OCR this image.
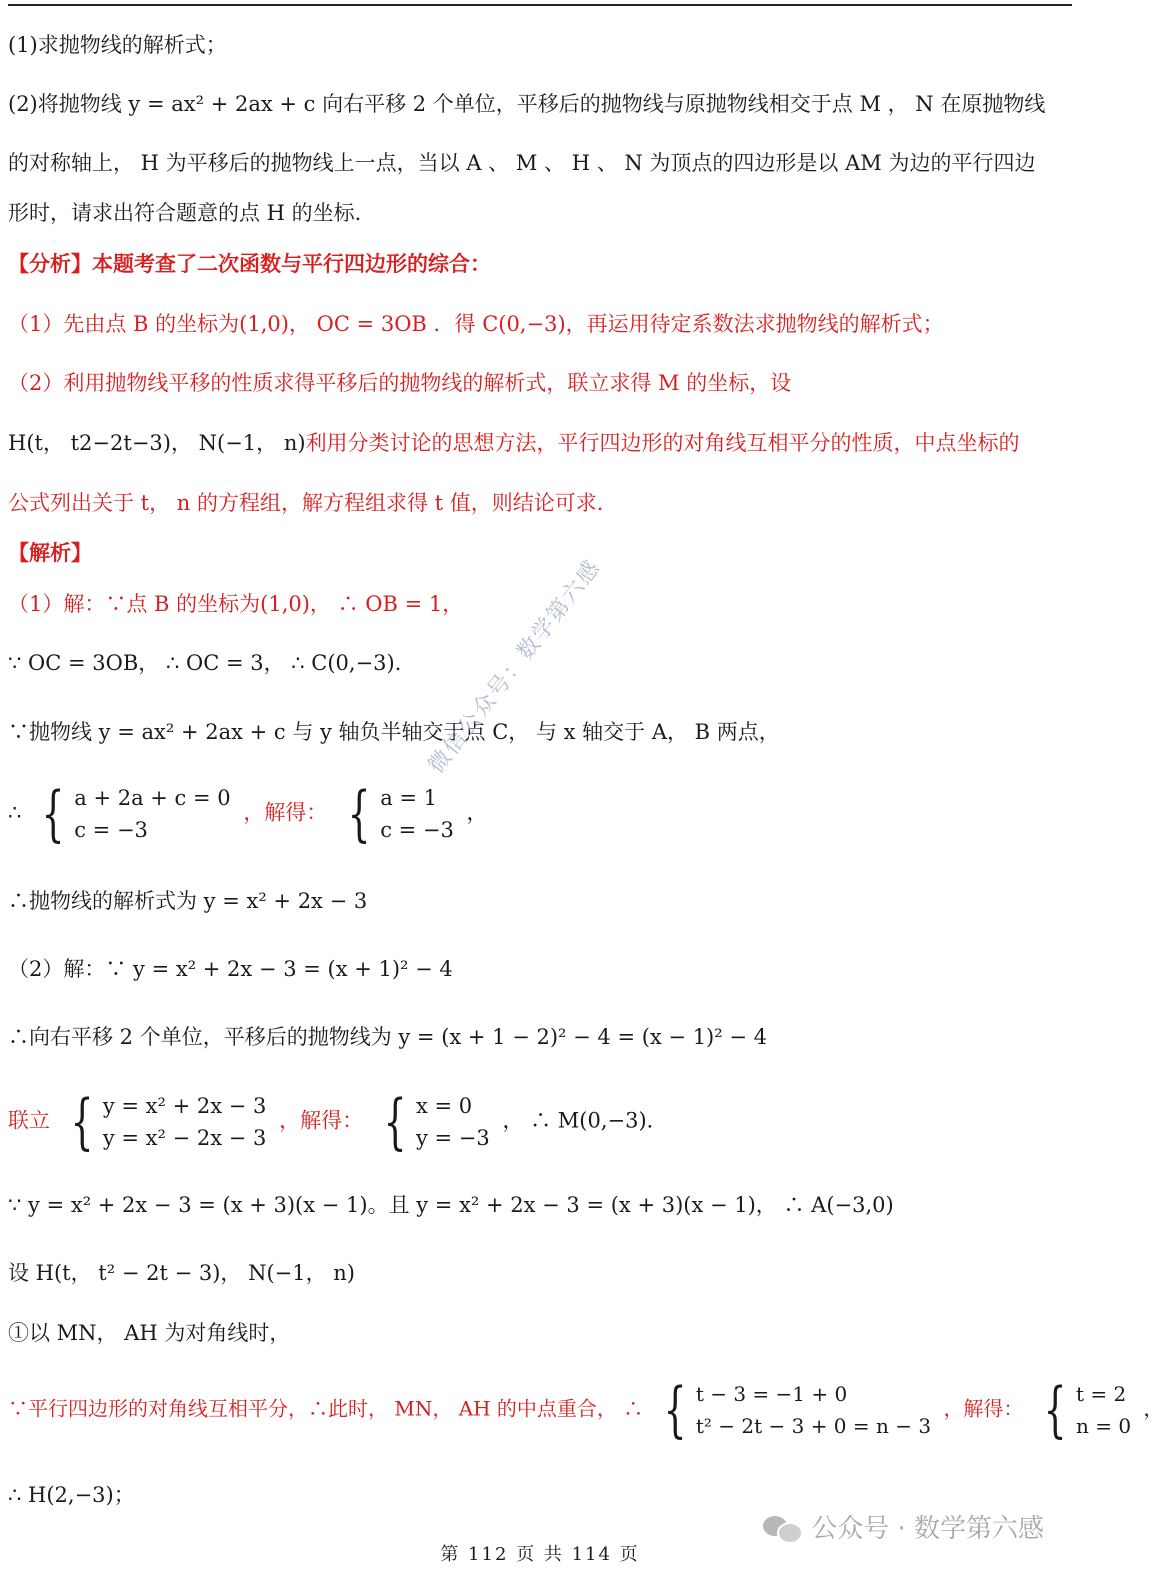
(1)求抛物线的解析式；
(2)将抛物线 y = ax² + 2ax + c 向右平移 2 个单位，平移后的抛物线与原抛物线相交于点 M ， N 在原抛物线
的对称轴上， H 为平移后的抛物线上一点，当以 A 、 M 、 H 、 N 为顶点的四边形是以 AM 为边的平行四边
形时，请求出符合题意的点 H 的坐标．
【分析】本题考查了二次函数与平行四边形的综合：
（1）先由点 B 的坐标为(1,0)， OC = 3OB ．得 C(0,−3)，再运用待定系数法求抛物线的解析式；
（2）利用抛物线平移的性质求得平移后的抛物线的解析式，联立求得 M 的坐标，设
H(t， t2−2t−3)， N(−1， n)利用分类讨论的思想方法，平行四边形的对角线互相平分的性质，中点坐标的
公式列出关于 t， n 的方程组，解方程组求得 t 值，则结论可求．
【解析】
（1）解：∵点 B 的坐标为(1,0)， ∴ OB = 1，
∵ OC = 3OB， ∴ OC = 3， ∴ C(0,−3)．
∵抛物线 y = ax² + 2ax + c 与 y 轴负半轴交于点 C， 与 x 轴交于 A， B 两点，
∴ { a + 2a + c = 0
c = −3
，解得： { a = 1
c = −3
，
∴抛物线的解析式为 y = x² + 2x − 3
（2）解：∵ y = x² + 2x − 3 = (x + 1)² − 4
∴向右平移 2 个单位，平移后的抛物线为 y = (x + 1 − 2)² − 4 = (x − 1)² − 4
联立 { y = x² + 2x − 3
y = x² − 2x − 3
，解得： { x = 0
y = −3
， ∴ M(0,−3)．
∵ y = x² + 2x − 3 = (x + 3)(x − 1)。且 y = x² + 2x − 3 = (x + 3)(x − 1)， ∴ A(−3,0)
设 H(t， t² − 2t − 3)， N(−1， n)
①以 MN， AH 为对角线时，
∵平行四边形的对角线互相平分，∴此时， MN， AH 的中点重合， ∴ { t − 3 = −1 + 0
t² − 2t − 3 + 0 = n − 3
，解得： { t = 2
n = 0
，
∴ H(2,−3)；
微信公众号：数学第六感
公众号 · 数学第六感
第 112 页 共 114 页
